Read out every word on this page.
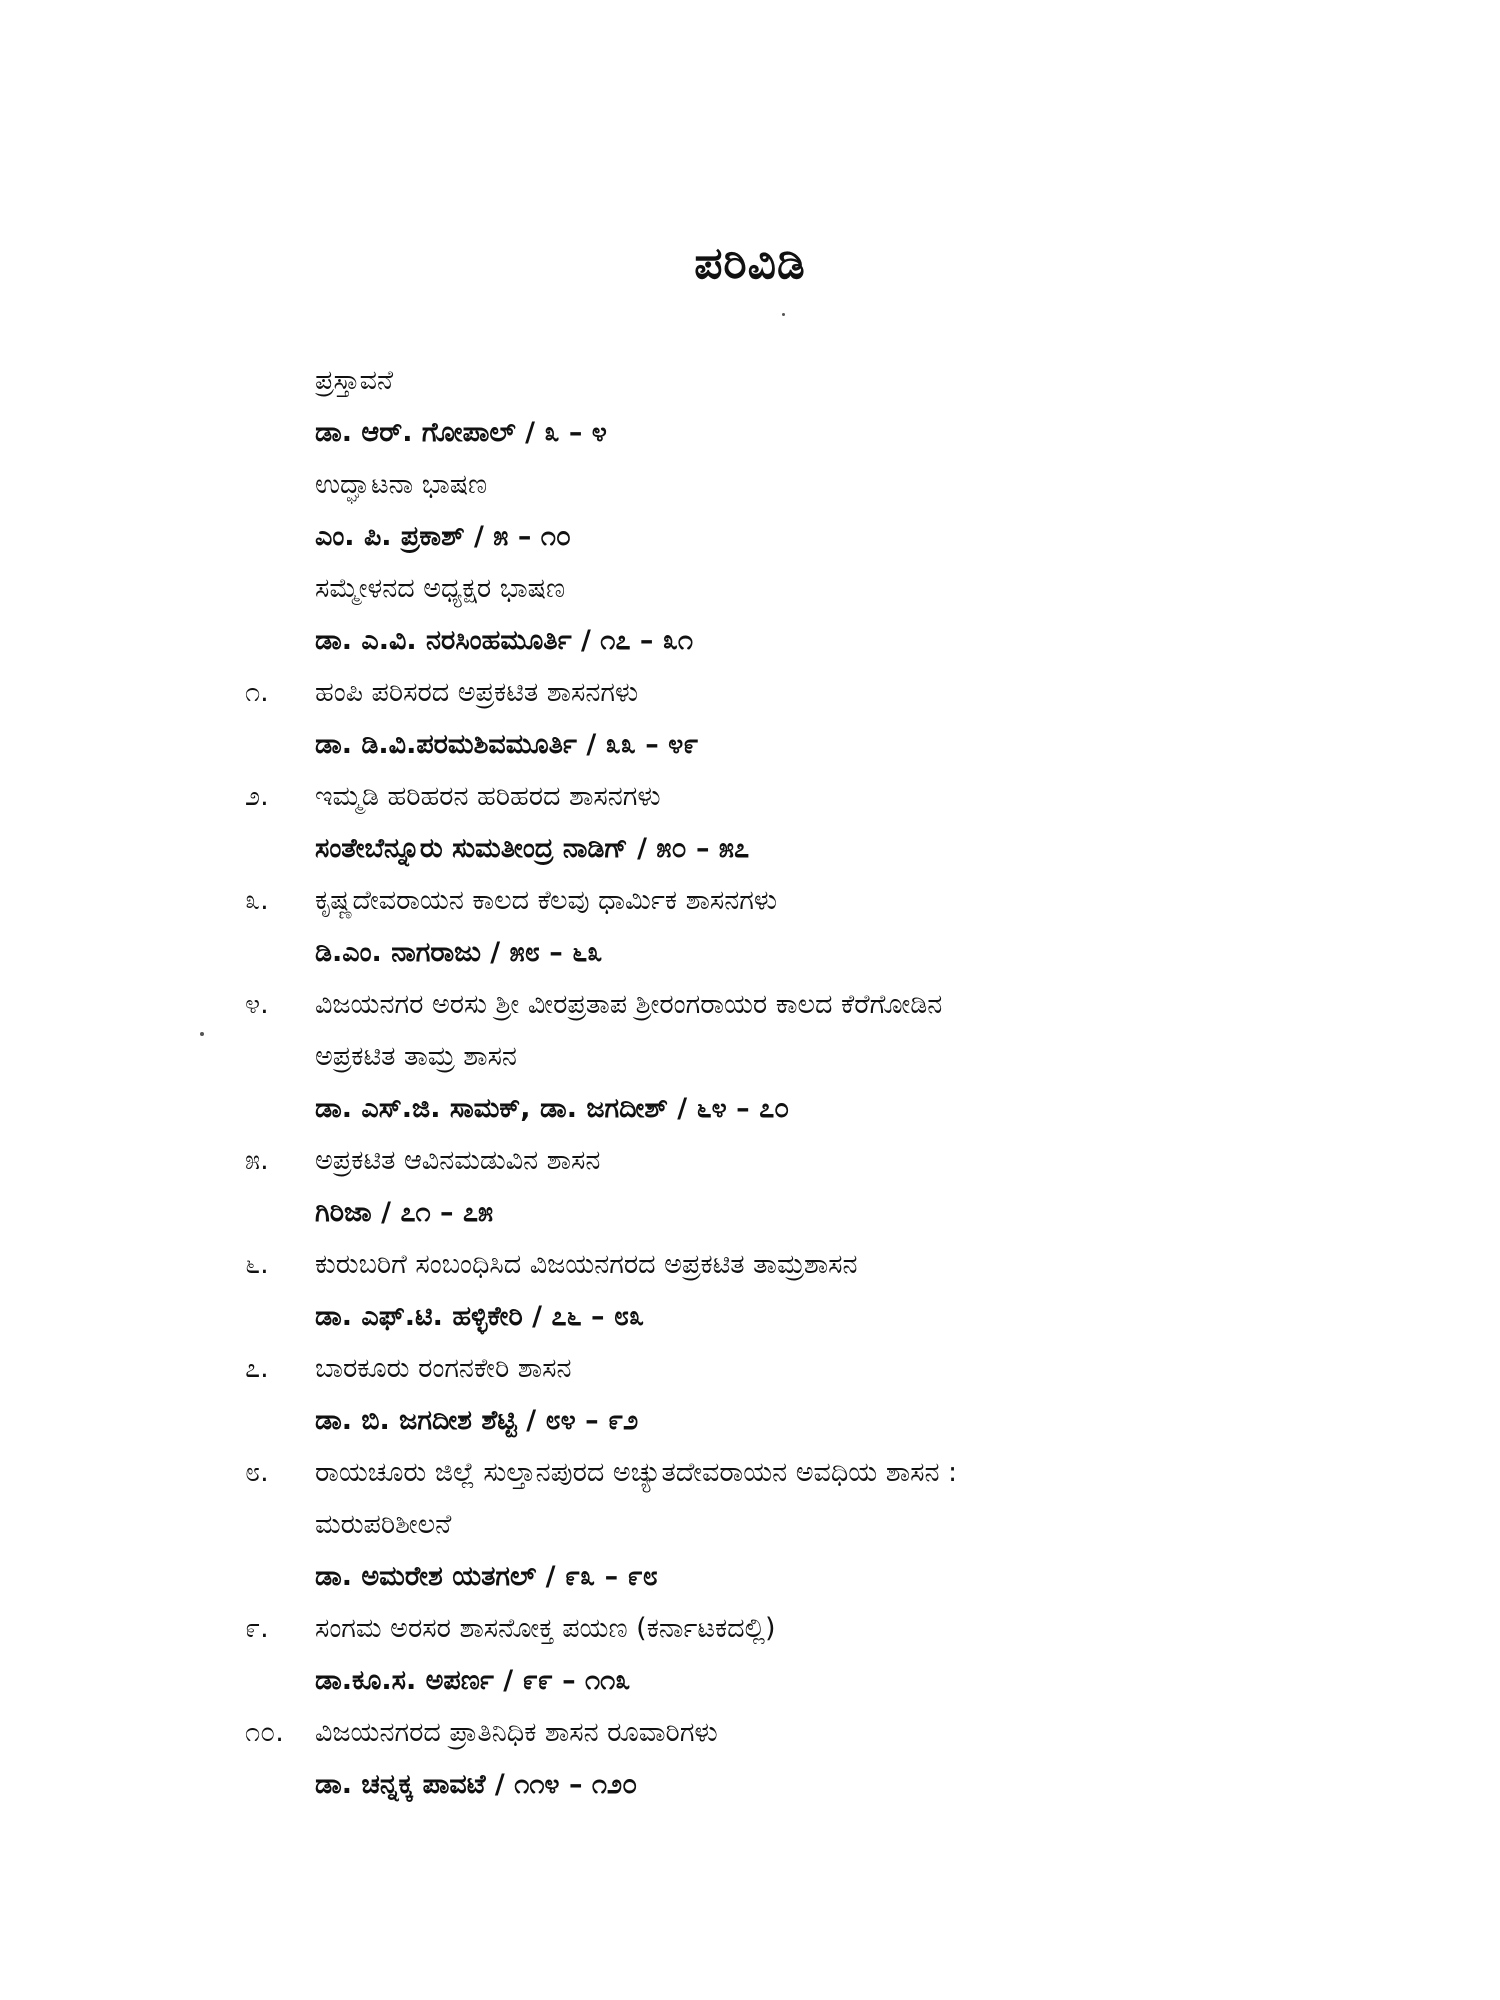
ಪರಿವಿಡಿ
ಪ್ರಸ್ತಾವನೆ
ಡಾ. ಆರ್. ಗೋಪಾಲ್ / ೩ – ೪
ಉದ್ಘಾಟನಾ ಭಾಷಣ
ಎಂ. ಪಿ. ಪ್ರಕಾಶ್ / ೫ – ೧೦
ಸಮ್ಮೇಳನದ ಅಧ್ಯಕ್ಷರ ಭಾಷಣ
ಡಾ. ಎ.ವಿ. ನರಸಿಂಹಮೂರ್ತಿ / ೧೭ – ೩೧
೧.	ಹಂಪಿ ಪರಿಸರದ ಅಪ್ರಕಟಿತ ಶಾಸನಗಳು
ಡಾ. ಡಿ.ವಿ.ಪರಮಶಿವಮೂರ್ತಿ / ೩೩ – ೪೯
೨.	ಇಮ್ಮಡಿ ಹರಿಹರನ ಹರಿಹರದ ಶಾಸನಗಳು
ಸಂತೇಬೆನ್ನೂರು ಸುಮತೀಂದ್ರ ನಾಡಿಗ್ / ೫೦ – ೫೭
೩.	ಕೃಷ್ಣದೇವರಾಯನ ಕಾಲದ ಕೆಲವು ಧಾರ್ಮಿಕ ಶಾಸನಗಳು
ಡಿ.ಎಂ. ನಾಗರಾಜು / ೫೮ – ೬೩
೪.	ವಿಜಯನಗರ ಅರಸು ಶ್ರೀ ವೀರಪ್ರತಾಪ ಶ್ರೀರಂಗರಾಯರ ಕಾಲದ ಕೆರೆಗೋಡಿನ
ಅಪ್ರಕಟಿತ ತಾಮ್ರ ಶಾಸನ
ಡಾ. ಎಸ್.ಜಿ. ಸಾಮಕ್, ಡಾ. ಜಗದೀಶ್ / ೬೪ – ೭೦
೫.	ಅಪ್ರಕಟಿತ ಆವಿನಮಡುವಿನ ಶಾಸನ
ಗಿರಿಜಾ / ೭೧ – ೭೫
೬.	ಕುರುಬರಿಗೆ ಸಂಬಂಧಿಸಿದ ವಿಜಯನಗರದ ಅಪ್ರಕಟಿತ ತಾಮ್ರಶಾಸನ
ಡಾ. ಎಫ್.ಟಿ. ಹಳ್ಳಿಕೇರಿ / ೭೬ – ೮೩
೭.	ಬಾರಕೂರು ರಂಗನಕೇರಿ ಶಾಸನ
ಡಾ. ಬಿ. ಜಗದೀಶ ಶೆಟ್ಟಿ / ೮೪ – ೯೨
೮.	ರಾಯಚೂರು ಜಿಲ್ಲೆ ಸುಲ್ತಾನಪುರದ ಅಚ್ಯುತದೇವರಾಯನ ಅವಧಿಯ ಶಾಸನ :
ಮರುಪರಿಶೀಲನೆ
ಡಾ. ಅಮರೇಶ ಯತಗಲ್ / ೯೩ – ೯೮
೯.	ಸಂಗಮ ಅರಸರ ಶಾಸನೋಕ್ತ ಪಯಣ (ಕರ್ನಾಟಕದಲ್ಲಿ)
ಡಾ.ಕೂ.ಸ. ಅಪರ್ಣ / ೯೯ – ೧೧೩
೧೦.	ವಿಜಯನಗರದ ಪ್ರಾತಿನಿಧಿಕ ಶಾಸನ ರೂವಾರಿಗಳು
ಡಾ. ಚನ್ನಕ್ಕ ಪಾವಟೆ / ೧೧೪ – ೧೨೦
